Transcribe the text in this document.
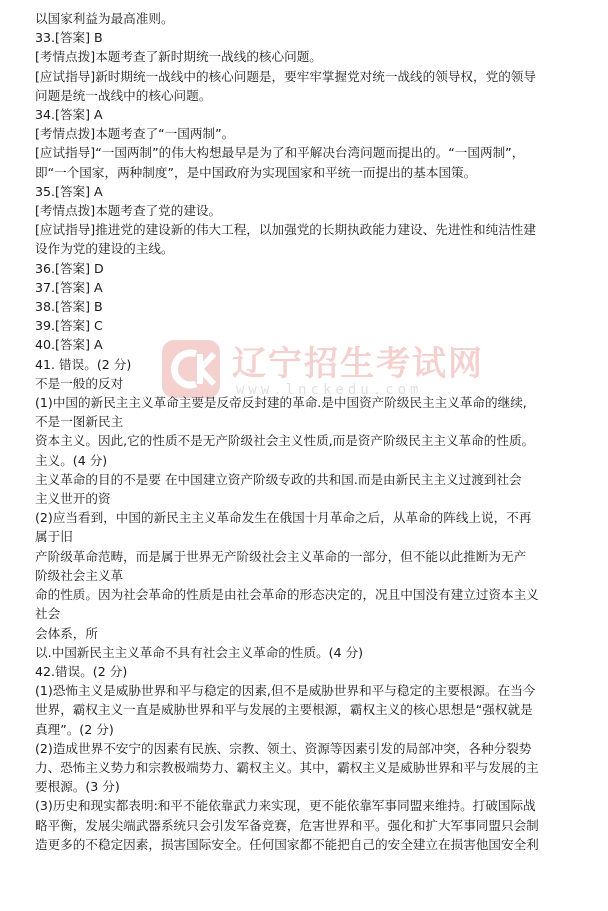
以国家利益为最高准则。
33.[答案] B
[考情点拨]本题考查了新时期统一战线的核心问题。
[应试指导]新时期统一战线中的核心问题是，要牢牢掌握党对统一战线的领导权，党的领导
问题是统一战线中的核心问题。
34.[答案] A
[考情点拨]本题考查了“一国两制”。
[应试指导]“一国两制”的伟大构想最早是为了和平解决台湾问题而提出的。“一国两制”，
即“一个国家，两种制度”，是中国政府为实现国家和平统一而提出的基本国策。
35.[答案] A
[考情点拨]本题考查了党的建设。
[应试指导]推进党的建设新的伟大工程，以加强党的长期执政能力建设、先进性和纯洁性建
设作为党的建设的主线。
36.[答案] D
37.[答案] A
38.[答案] B
39.[答案] C
40.[答案] A
41. 错误。(2 分)
不是一般的反对
(1)中国的新民主主义革命主要是反帝反封建的革命.是中国资产阶级民主主义革命的继续,
不是一图新民主
资本主义。因此,它的性质不是无产阶级社会主义性质,而是资产阶级民主主义革命的性质。
主义。(4 分)
主义革命的目的不是要 在中国建立资产阶级专政的共和国.而是由新民主主义过渡到社会
主义世开的资
(2)应当看到，中国的新民主主义革命发生在俄国十月革命之后，从革命的阵线上说，不再
属于旧
产阶级革命范畴，而是属于世界无产阶级社会主义革命的一部分，但不能以此推断为无产
阶级社会主义革
命的性质。因为社会革命的性质是由社会革命的形态决定的，况且中国没有建立过资本主义
社会
会体系，所
以.中国新民主主义革命不具有社会主义革命的性质。(4 分)
42.错误。(2 分)
(1)恐怖主义是威胁世界和平与稳定的因素,但不是威胁世界和平与稳定的主要根源。在当今
世界，霸权主义一直是威胁世界和平与发展的主要根源，霸权主义的核心思想是“强权就是
真理”。(2 分)
(2)造成世界不安宁的因素有民族、宗教、领土、资源等因素引发的局部冲突，各种分裂势
力、恐怖主义势力和宗教极端势力、霸权主义。其中，霸权主义是威胁世界和平与发展的主
要根源。(3 分)
(3)历史和现实都表明:和平不能依靠武力来实现，更不能依靠军事同盟来维持。打破国际战
略平衡，发展尖端武器系统只会引发军备竞赛，危害世界和平。强化和扩大军事同盟只会制
造更多的不稳定因素，损害国际安全。任何国家都不能把自己的安全建立在损害他国安全利
辽宁招生考试网
www.lnckedu.com
